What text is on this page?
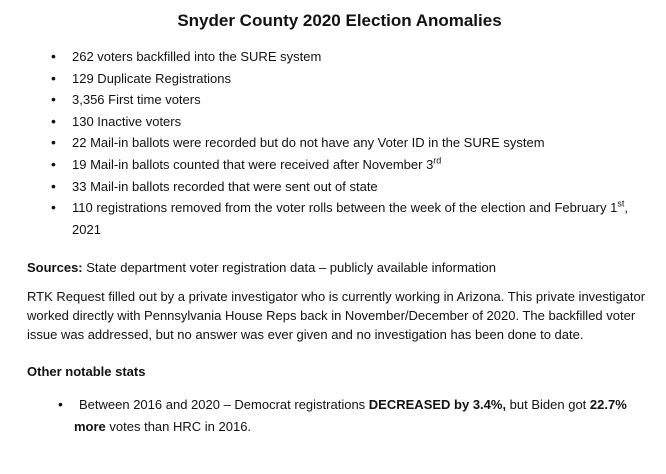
Snyder County 2020 Election Anomalies
• 262 voters backfilled into the SURE system
• 129 Duplicate Registrations
• 3,356 First time voters
• 130 Inactive voters
• 22 Mail-in ballots were recorded but do not have any Voter ID in the SURE system
• 19 Mail-in ballots counted that were received after November 3rd
• 33 Mail-in ballots recorded that were sent out of state
• 110 registrations removed from the voter rolls between the week of the election and February 1st, 2021

Sources: State department voter registration data – publicly available information

RTK Request filled out by a private investigator who is currently working in Arizona. This private investigator worked directly with Pennsylvania House Reps back in November/December of 2020. The backfilled voter issue was addressed, but no answer was ever given and no investigation has been done to date.

Other notable stats

• Between 2016 and 2020 – Democrat registrations DECREASED by 3.4%, but Biden got 22.7% more votes than HRC in 2016.
